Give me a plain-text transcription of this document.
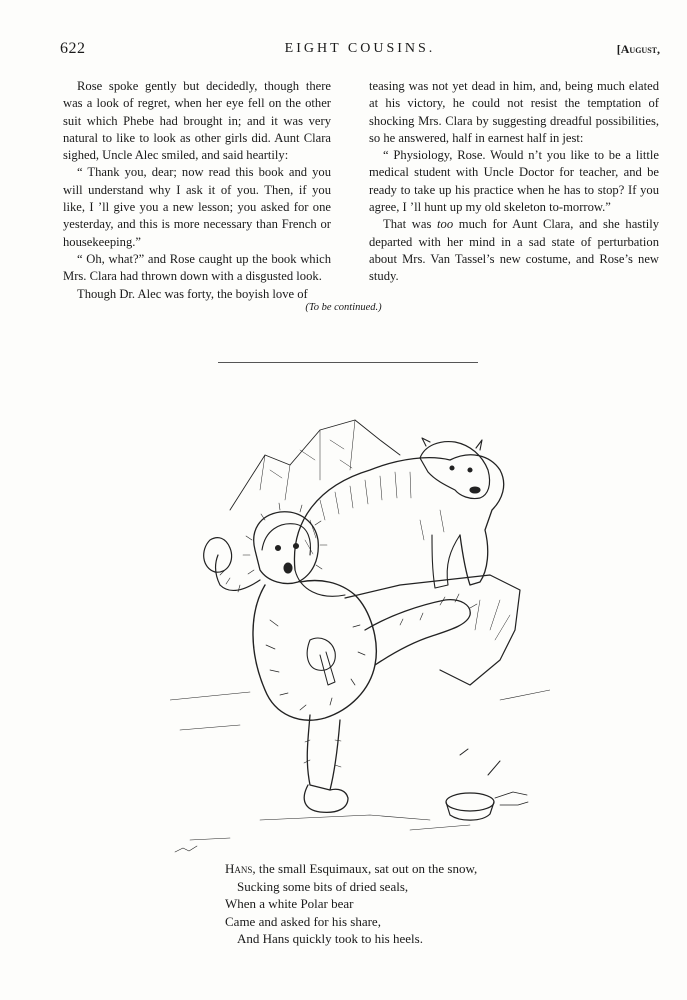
622	EIGHT COUSINS.	[August,

Rose spoke gently but decidedly, though there was a look of regret, when her eye fell on the other suit which Phebe had brought in; and it was very natural to like to look as other girls did. Aunt Clara sighed, Uncle Alec smiled, and said heartily:

“ Thank you, dear; now read this book and you will understand why I ask it of you. Then, if you like, I ’ll give you a new lesson; you asked for one yesterday, and this is more necessary than French or housekeeping.”

“ Oh, what?” and Rose caught up the book which Mrs. Clara had thrown down with a disgusted look.

Though Dr. Alec was forty, the boyish love of

teasing was not yet dead in him, and, being much elated at his victory, he could not resist the temptation of shocking Mrs. Clara by suggesting dreadful possibilities, so he answered, half in earnest half in jest:

“ Physiology, Rose. Would n’t you like to be a little medical student with Uncle Doctor for teacher, and be ready to take up his practice when he has to stop? If you agree, I ’ll hunt up my old skeleton to-morrow.”

That was too much for Aunt Clara, and she hastily departed with her mind in a sad state of perturbation about Mrs. Van Tassel’s new costume, and Rose’s new study.

(To be continued.)
Hans, the small Esquimaux, sat out on the snow,
Sucking some bits of dried seals,
When a white Polar bear
Came and asked for his share,
And Hans quickly took to his heels.
